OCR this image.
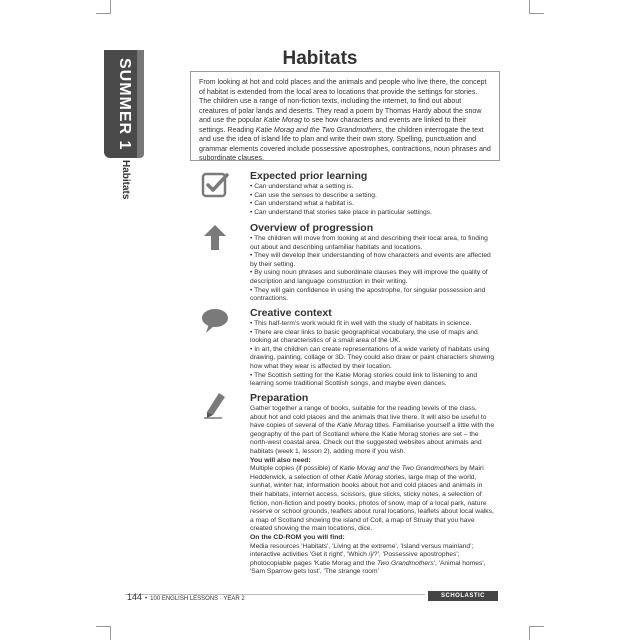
SUMMER 1
Habitats
Habitats
From looking at hot and cold places and the animals and people who live there, the concept of habitat is extended from the local area to locations that provide the settings for stories. The children use a range of non-fiction texts, including the internet, to find out about creatures of polar lands and deserts. They read a poem by Thomas Hardy about the snow and use the popular Katie Morag to see how characters and events are linked to their settings. Reading Katie Morag and the Two Grandmothers, the children interrogate the text and use the idea of island life to plan and write their own story. Spelling, punctuation and grammar elements covered include possessive apostrophes, contractions, noun phrases and subordinate clauses.
Expected prior learning

• Can understand what a setting is.

• Can use the senses to describe a setting.

• Can understand what a habitat is.

• Can understand that stories take place in particular settings.

Overview of progression

• The children will move from looking at and describing their local area, to finding out about and describing unfamiliar habitats and locations.

• They will develop their understanding of how characters and events are affected by their setting.

• By using noun phrases and subordinate clauses they will improve the quality of description and language construction in their writing.

• They will gain confidence in using the apostrophe, for singular possession and contractions.

Creative context

• This half-term's work would fit in well with the study of habitats in science.

• There are clear links to basic geographical vocabulary, the use of maps and looking at characteristics of a small area of the UK.

• In art, the children can create representations of a wide variety of habitats using drawing, painting, collage or 3D. They could also draw or paint characters showing how what they wear is affected by their location.

• The Scottish setting for the Katie Morag stories could link to listening to and learning some traditional Scottish songs, and maybe even dances.

Preparation

Gather together a range of books, suitable for the reading levels of the class, about hot and cold places and the animals that live there. It will also be useful to have copies of several of the Katie Morag titles. Familiarise yourself a little with the geography of the part of Scotland where the Katie Morag stories are set – the north-west coastal area. Check out the suggested websites about animals and habitats (week 1, lesson 2), adding more if you wish.

You will also need:

Multiple copies (if possible) of Katie Morag and the Two Grandmothers by Mairi Hedderwick, a selection of other Katie Morag stories, large map of the world, sunhat, winter hat, information books about hot and cold places and animals in their habitats, internet access, scissors, glue sticks, sticky notes, a selection of fiction, non-fiction and poetry books, photos of snow, map of a local park, nature reserve or school grounds, leaflets about rural locations, leaflets about local walks, a map of Scotland showing the island of Coll, a map of Struay that you have created showing the main locations, dice.

On the CD-ROM you will find:

Media resources 'Habitats', 'Living at the extreme', 'Island versus mainland'; interactive activities 'Get it right', 'Which /j/?', 'Possessive apostrophes'; photocopiable pages 'Katie Morag and the Two Grandmothers', 'Animal homes', 'Sam Sparrow gets lost', 'The strange room'

144 • 100 ENGLISH LESSONS · YEAR 2	SCHOLASTIC
